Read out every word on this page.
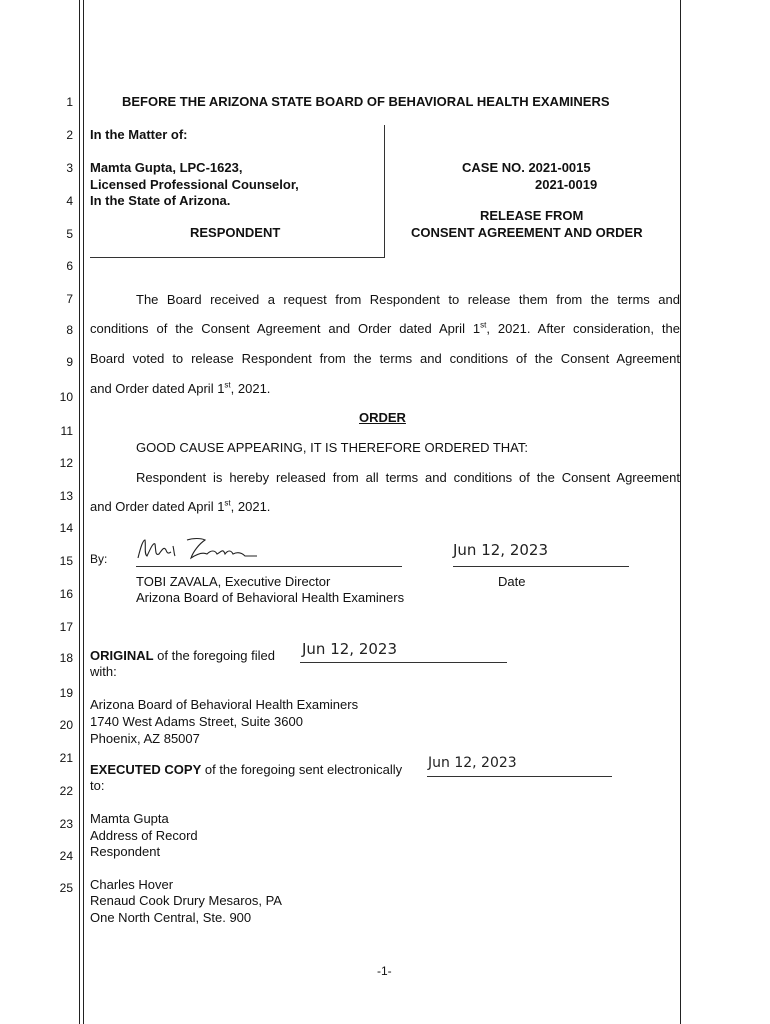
1
2
3
4
5
6
7
8
9
10
11
12
13
14
15
16
17
18
19
20
21
22
23
24
25
BEFORE THE ARIZONA STATE BOARD OF BEHAVIORAL HEALTH EXAMINERS
In the Matter of:
Mamta Gupta, LPC-1623,
Licensed Professional Counselor,
In the State of Arizona.
RESPONDENT
CASE NO. 2021-0015
2021-0019
RELEASE FROM
CONSENT AGREEMENT AND ORDER
The Board received a request from Respondent to release them from the terms and
conditions of the Consent Agreement and Order dated April 1st, 2021. After consideration, the
Board voted to release Respondent from the terms and conditions of the Consent Agreement
and Order dated April 1st, 2021.
ORDER
GOOD CAUSE APPEARING, IT IS THEREFORE ORDERED THAT:
Respondent is hereby released from all terms and conditions of the Consent Agreement
and Order dated April 1st, 2021.
By:	Jun 12, 2023
TOBI ZAVALA, Executive Director	Date
Arizona Board of Behavioral Health Examiners
ORIGINAL of the foregoing filed Jun 12, 2023
with:
Arizona Board of Behavioral Health Examiners
1740 West Adams Street, Suite 3600
Phoenix, AZ 85007
EXECUTED COPY of the foregoing sent electronically Jun 12, 2023
to:
Mamta Gupta
Address of Record
Respondent
Charles Hover
Renaud Cook Drury Mesaros, PA
One North Central, Ste. 900
-1-
